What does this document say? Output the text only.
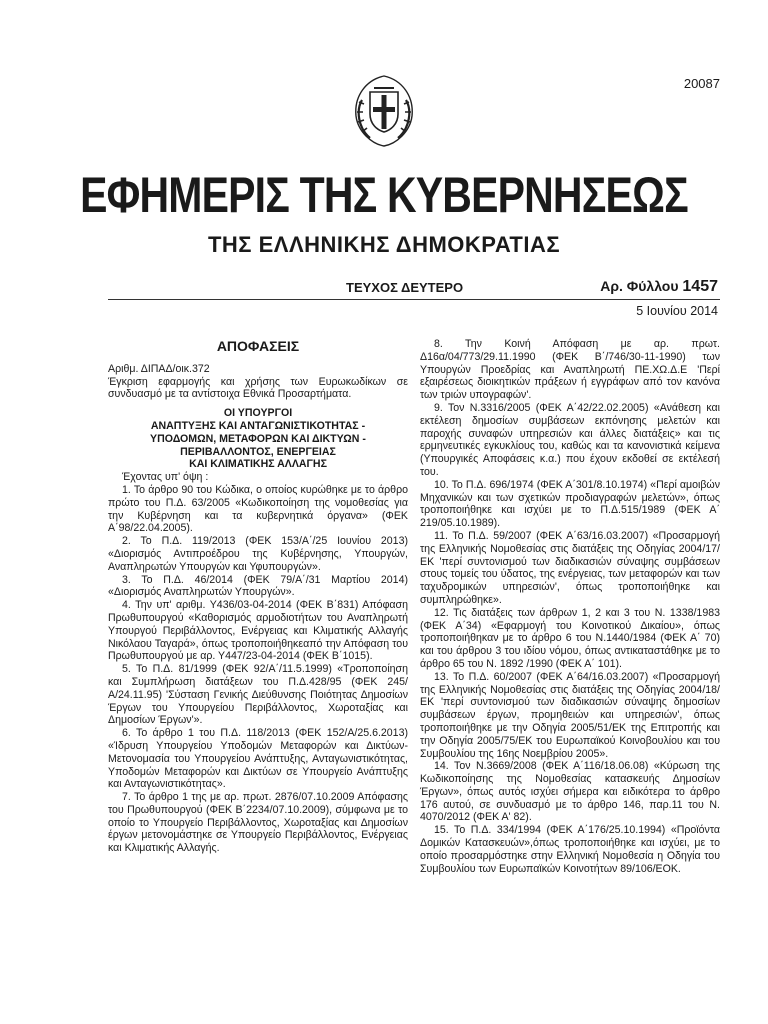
20087
ΕΦΗΜΕΡΙΣ ΤΗΣ ΚΥΒΕΡΝΗΣΕΩΣ
ΤΗΣ ΕΛΛΗΝΙΚΗΣ ΔΗΜΟΚΡΑΤΙΑΣ
ΤΕΥΧΟΣ ΔΕΥΤΕΡΟ	Αρ. Φύλλου 1457
5 Ιουνίου 2014

ΑΠΟΦΑΣΕΙΣ

Αριθμ. ΔΙΠΑΔ/οικ.372

Έγκριση εφαρμογής και χρήσης των Ευρωκωδίκων σε συνδυασμό με τα αντίστοιχα Εθνικά Προσαρτήματα.

ΟΙ ΥΠΟΥΡΓΟΙ

ΑΝΑΠΤΥΞΗΣ ΚΑΙ ΑΝΤΑΓΩΝΙΣΤΙΚΟΤΗΤΑΣ -

ΥΠΟΔΟΜΩΝ, ΜΕΤΑΦΟΡΩΝ ΚΑΙ ΔΙΚΤΥΩΝ -

ΠΕΡΙΒΑΛΛΟΝΤΟΣ, ΕΝΕΡΓΕΙΑΣ

ΚΑΙ ΚΛΙΜΑΤΙΚΗΣ ΑΛΛΑΓΗΣ

Έχοντας υπ' όψη :

1. Το άρθρο 90 του Κώδικα, ο οποίος κυρώθηκε με το άρθρο πρώτο του Π.Δ. 63/2005 «Κωδικοποίηση της νομοθεσίας για την Κυβέρνηση και τα κυβερνητικά όργανα» (ΦΕΚ Α΄98/22.04.2005).

2. Το Π.Δ. 119/2013 (ΦΕΚ 153/Α΄/25 Ιουνίου 2013) «Διορισμός Αντιπροέδρου της Κυβέρνησης, Υπουργών, Αναπληρωτών Υπουργών και Υφυπουργών».

3. Το Π.Δ. 46/2014 (ΦΕΚ 79/Α΄/31 Μαρτίου 2014) «Διορισμός Αναπληρωτών Υπουργών».

4. Την υπ' αριθμ. Υ436/03-04-2014 (ΦΕΚ Β΄831) Απόφαση Πρωθυπουργού «Καθορισμός αρμοδιοτήτων του Αναπληρωτή Υπουργού Περιβάλλοντος, Ενέργειας και Κλιματικής Αλλαγής Νικόλαου Ταγαρά», όπως τροποποιήθηκεαπό την Απόφαση του Πρωθυπουργού με αρ. Υ447/23-04-2014 (ΦΕΚ Β΄1015).

5. Το Π.Δ. 81/1999 (ΦΕΚ 92/Α΄/11.5.1999) «Τροποποίηση και Συμπλήρωση διατάξεων του Π.Δ.428/95 (ΦΕΚ 245/Α/24.11.95) 'Σύσταση Γενικής Διεύθυνσης Ποιότητας Δημοσίων Έργων του Υπουργείου Περιβάλλοντος, Χωροταξίας και Δημοσίων Έργων'».

6. Το άρθρο 1 του Π.Δ. 118/2013 (ΦΕΚ 152/Α/25.6.2013) «Ίδρυση Υπουργείου Υποδομών Μεταφορών και Δικτύων- Μετονομασία του Υπουργείου Ανάπτυξης, Ανταγωνιστικότητας, Υποδομών Μεταφορών και Δικτύων σε Υπουργείο Ανάπτυξης και Ανταγωνιστικότητας».

7. Το άρθρο 1 της με αρ. πρωτ. 2876/07.10.2009 Απόφασης του Πρωθυπουργού (ΦΕΚ Β΄2234/07.10.2009), σύμφωνα με το οποίο το Υπουργείο Περιβάλλοντος, Χωροταξίας και Δημοσίων έργων μετονομάστηκε σε Υπουργείο Περιβάλλοντος, Ενέργειας και Κλιματικής Αλλαγής.

8. Την Κοινή Απόφαση με αρ. πρωτ. Δ16α/04/773/29.11.1990 (ΦΕΚ Β΄/746/30-11-1990) των Υπουργών Προεδρίας και Αναπληρωτή ΠΕ.ΧΩ.Δ.Ε 'Περί εξαιρέσεως διοικητικών πράξεων ή εγγράφων από τον κανόνα των τριών υπογραφών'.

9. Τον Ν.3316/2005 (ΦΕΚ Α΄42/22.02.2005) «Ανάθεση και εκτέλεση δημοσίων συμβάσεων εκπόνησης μελετών και παροχής συναφών υπηρεσιών και άλλες διατάξεις» και τις ερμηνευτικές εγκυκλίους του, καθώς και τα κανονιστικά κείμενα (Υπουργικές Αποφάσεις κ.α.) που έχουν εκδοθεί σε εκτέλεσή του.

10. Το Π.Δ. 696/1974 (ΦΕΚ Α΄301/8.10.1974) «Περί αμοιβών Μηχανικών και των σχετικών προδιαγραφών μελετών», όπως τροποποιήθηκε και ισχύει με το Π.Δ.515/1989 (ΦΕΚ Α΄ 219/05.10.1989).

11. Το Π.Δ. 59/2007 (ΦΕΚ Α΄63/16.03.2007) «Προσαρμογή της Ελληνικής Νομοθεσίας στις διατάξεις της Οδηγίας 2004/17/ΕΚ 'περί συντονισμού των διαδικασιών σύναψης συμβάσεων στους τομείς του ύδατος, της ενέργειας, των μεταφορών και των ταχυδρομικών υπηρεσιών', όπως τροποποιήθηκε και συμπληρώθηκε».

12. Τις διατάξεις των άρθρων 1, 2 και 3 του Ν. 1338/1983 (ΦΕΚ Α΄34) «Εφαρμογή του Κοινοτικού Δικαίου», όπως τροποποιήθηκαν με το άρθρο 6 του Ν.1440/1984 (ΦΕΚ Α΄ 70) και του άρθρου 3 του ιδίου νόμου, όπως αντικαταστάθηκε με το άρθρο 65 του Ν. 1892 /1990 (ΦΕΚ Α΄ 101).

13. Το Π.Δ. 60/2007 (ΦΕΚ Α΄64/16.03.2007) «Προσαρμογή της Ελληνικής Νομοθεσίας στις διατάξεις της Οδηγίας 2004/18/ΕΚ 'περί συντονισμού των διαδικασιών σύναψης δημοσίων συμβάσεων έργων, προμηθειών και υπηρεσιών', όπως τροποποιήθηκε με την Οδηγία 2005/51/ΕΚ της Επιτροπής και την Οδηγία 2005/75/ΕΚ του Ευρωπαϊκού Κοινοβουλίου και του Συμβουλίου της 16ης Νοεμβρίου 2005».

14. Τον Ν.3669/2008 (ΦΕΚ Α΄116/18.06.08) «Κύρωση της Κωδικοποίησης της Νομοθεσίας κατασκευής Δημοσίων Έργων», όπως αυτός ισχύει σήμερα και ειδικότερα το άρθρο 176 αυτού, σε συνδυασμό με το άρθρο 146, παρ.11 του Ν. 4070/2012 (ΦΕΚ Α' 82).

15. Το Π.Δ. 334/1994 (ΦΕΚ Α΄176/25.10.1994) «Προϊόντα Δομικών Κατασκευών»,όπως τροποποιήθηκε και ισχύει, με το οποίο προσαρμόστηκε στην Ελληνική Νομοθεσία η Οδηγία του Συμβουλίου των Ευρωπαϊκών Κοινοτήτων 89/106/ΕΟΚ.
